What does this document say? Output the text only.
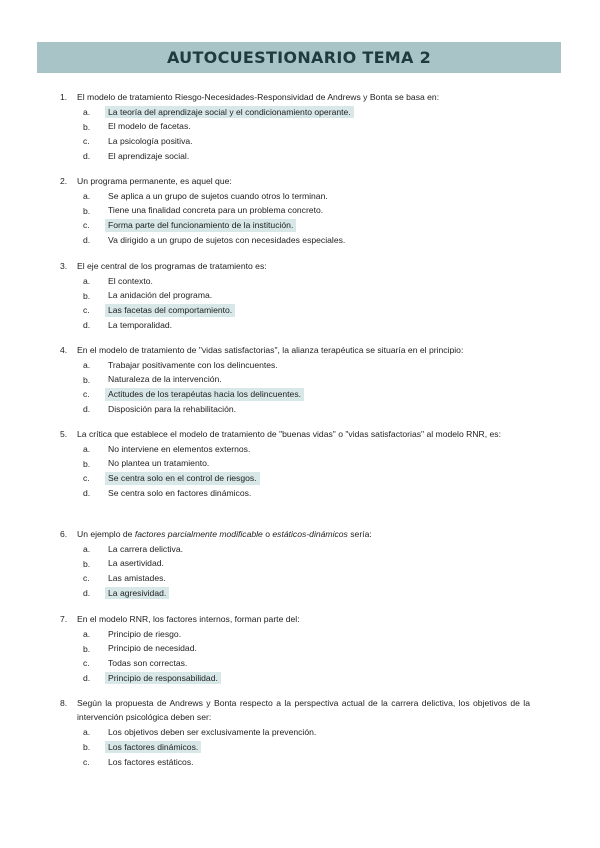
AUTOCUESTIONARIO TEMA 2
1.	El modelo de tratamiento Riesgo-Necesidades-Responsividad de Andrews y Bonta se basa en:
a.	La teoría del aprendizaje social y el condicionamiento operante.
b.	El modelo de facetas.
c.	La psicología positiva.
d.	El aprendizaje social.
2.	Un programa permanente, es aquel que:
a.	Se aplica a un grupo de sujetos cuando otros lo terminan.
b.	Tiene una finalidad concreta para un problema concreto.
c.	Forma parte del funcionamiento de la institución.
d.	Va dirigido a un grupo de sujetos con necesidades especiales.
3.	El eje central de los programas de tratamiento es:
a.	El contexto.
b.	La anidación del programa.
c.	Las facetas del comportamiento.
d.	La temporalidad.
4.	En el modelo de tratamiento de "vidas satisfactorias", la alianza terapéutica se situaría en el principio:
a.	Trabajar positivamente con los delincuentes.
b.	Naturaleza de la intervención.
c.	Actitudes de los terapéutas hacia los delincuentes.
d.	Disposición para la rehabilitación.
5.	La crítica que establece el modelo de tratamiento de "buenas vidas" o "vidas satisfactorias" al modelo RNR, es:
a.	No interviene en elementos externos.
b.	No plantea un tratamiento.
c.	Se centra solo en el control de riesgos.
d.	Se centra solo en factores dinámicos.
6.	Un ejemplo de factores parcialmente modificable o estáticos-dinámicos sería:
a.	La carrera delictiva.
b.	La asertividad.
c.	Las amistades.
d.	La agresividad.
7.	En el modelo RNR, los factores internos, forman parte del:
a.	Principio de riesgo.
b.	Principio de necesidad.
c.	Todas son correctas.
d.	Principio de responsabilidad.
8.	Según la propuesta de Andrews y Bonta respecto a la perspectiva actual de la carrera delictiva, los objetivos de la intervención psicológica deben ser:
a.	Los objetivos deben ser exclusivamente la prevención.
b.	Los factores dinámicos.
c.	Los factores estáticos.
